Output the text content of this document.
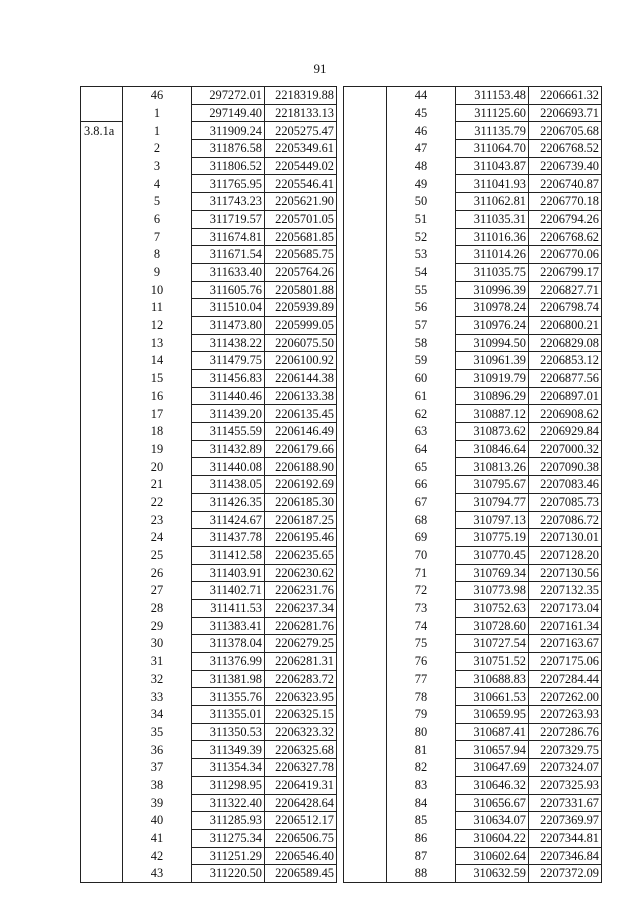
91
	46	297272.01	2218319.88
	1	297149.40	2218133.13
3.8.1a	1	311909.24	2205275.47
	2	311876.58	2205349.61
	3	311806.52	2205449.02
	4	311765.95	2205546.41
	5	311743.23	2205621.90
	6	311719.57	2205701.05
	7	311674.81	2205681.85
	8	311671.54	2205685.75
	9	311633.40	2205764.26
	10	311605.76	2205801.88
	11	311510.04	2205939.89
	12	311473.80	2205999.05
	13	311438.22	2206075.50
	14	311479.75	2206100.92
	15	311456.83	2206144.38
	16	311440.46	2206133.38
	17	311439.20	2206135.45
	18	311455.59	2206146.49
	19	311432.89	2206179.66
	20	311440.08	2206188.90
	21	311438.05	2206192.69
	22	311426.35	2206185.30
	23	311424.67	2206187.25
	24	311437.78	2206195.46
	25	311412.58	2206235.65
	26	311403.91	2206230.62
	27	311402.71	2206231.76
	28	311411.53	2206237.34
	29	311383.41	2206281.76
	30	311378.04	2206279.25
	31	311376.99	2206281.31
	32	311381.98	2206283.72
	33	311355.76	2206323.95
	34	311355.01	2206325.15
	35	311350.53	2206323.32
	36	311349.39	2206325.68
	37	311354.34	2206327.78
	38	311298.95	2206419.31
	39	311322.40	2206428.64
	40	311285.93	2206512.17
	41	311275.34	2206506.75
	42	311251.29	2206546.40
	43	311220.50	2206589.45
	44	311153.48	2206661.32
	45	311125.60	2206693.71
	46	311135.79	2206705.68
	47	311064.70	2206768.52
	48	311043.87	2206739.40
	49	311041.93	2206740.87
	50	311062.81	2206770.18
	51	311035.31	2206794.26
	52	311016.36	2206768.62
	53	311014.26	2206770.06
	54	311035.75	2206799.17
	55	310996.39	2206827.71
	56	310978.24	2206798.74
	57	310976.24	2206800.21
	58	310994.50	2206829.08
	59	310961.39	2206853.12
	60	310919.79	2206877.56
	61	310896.29	2206897.01
	62	310887.12	2206908.62
	63	310873.62	2206929.84
	64	310846.64	2207000.32
	65	310813.26	2207090.38
	66	310795.67	2207083.46
	67	310794.77	2207085.73
	68	310797.13	2207086.72
	69	310775.19	2207130.01
	70	310770.45	2207128.20
	71	310769.34	2207130.56
	72	310773.98	2207132.35
	73	310752.63	2207173.04
	74	310728.60	2207161.34
	75	310727.54	2207163.67
	76	310751.52	2207175.06
	77	310688.83	2207284.44
	78	310661.53	2207262.00
	79	310659.95	2207263.93
	80	310687.41	2207286.76
	81	310657.94	2207329.75
	82	310647.69	2207324.07
	83	310646.32	2207325.93
	84	310656.67	2207331.67
	85	310634.07	2207369.97
	86	310604.22	2207344.81
	87	310602.64	2207346.84
	88	310632.59	2207372.09
